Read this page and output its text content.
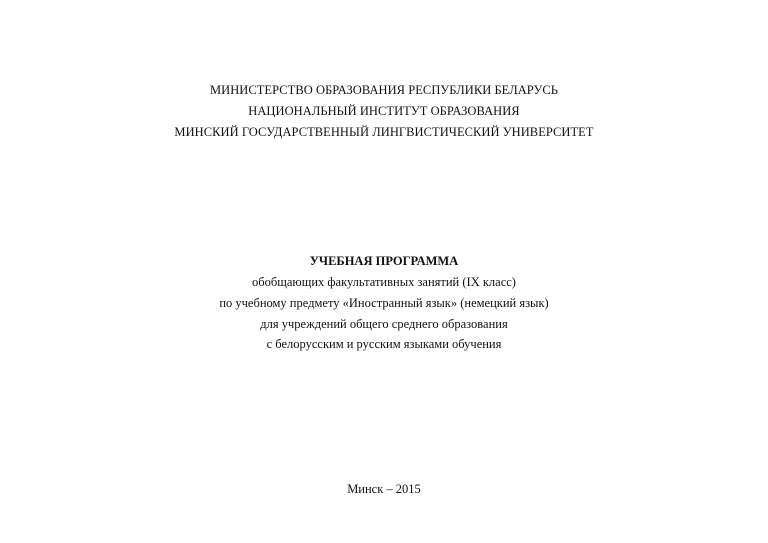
МИНИСТЕРСТВО ОБРАЗОВАНИЯ РЕСПУБЛИКИ БЕЛАРУСЬ
НАЦИОНАЛЬНЫЙ ИНСТИТУТ ОБРАЗОВАНИЯ
МИНСКИЙ ГОСУДАРСТВЕННЫЙ ЛИНГВИСТИЧЕСКИЙ УНИВЕРСИТЕТ
УЧЕБНАЯ ПРОГРАММА
обобщающих факультативных занятий (IX класс)
по учебному предмету «Иностранный язык» (немецкий язык)
для учреждений общего среднего образования
с белорусским и русским языками обучения
Минск – 2015
